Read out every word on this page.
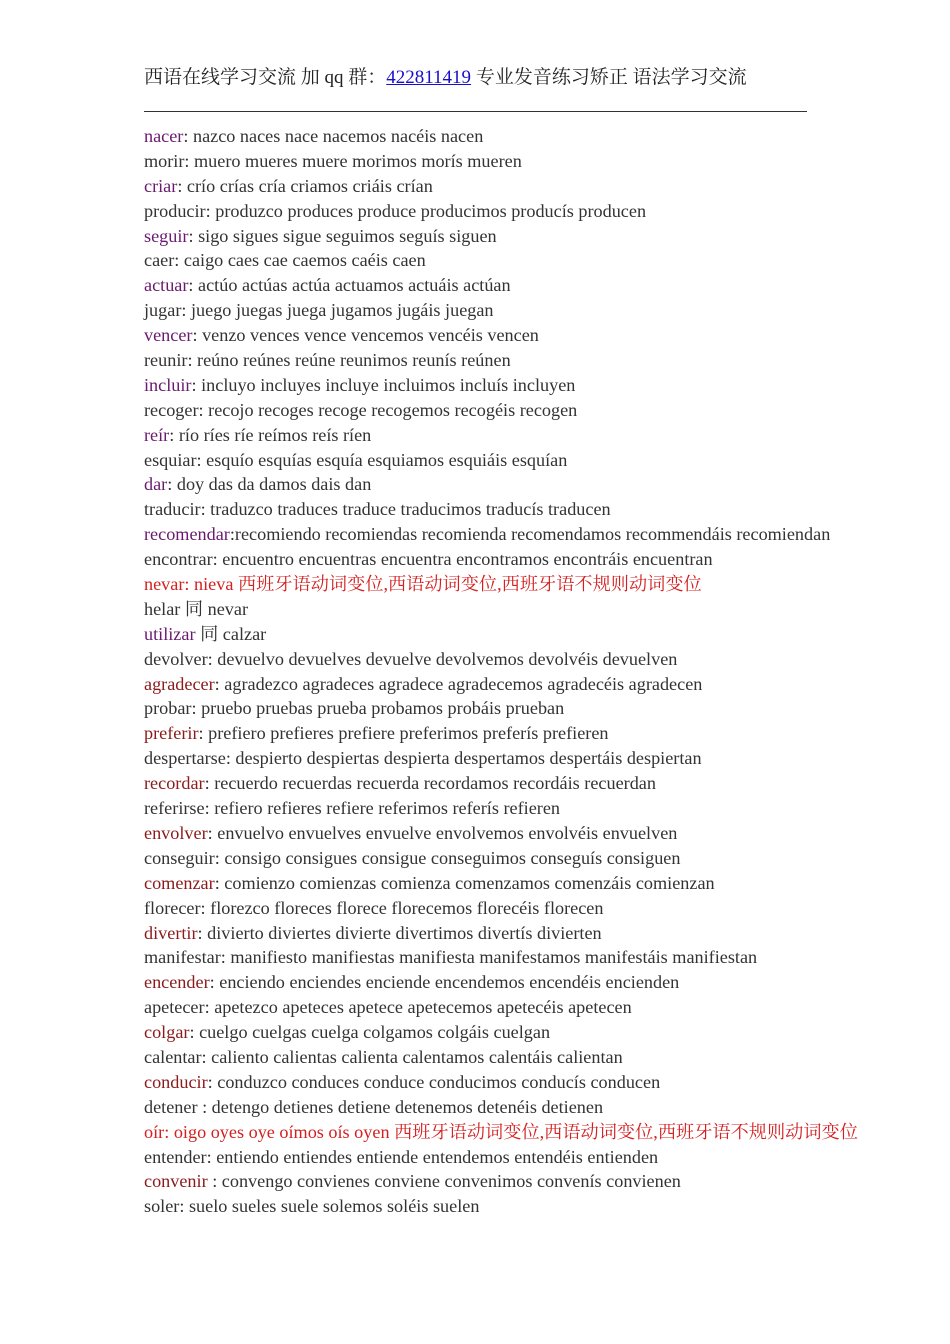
西语在线学习交流 加 qq 群：422811419 专业发音练习矫正 语法学习交流
nacer: nazco naces nace nacemos nacéis nacen
morir: muero mueres muere morimos morís mueren
criar: crío crías cría criamos criáis crían
producir: produzco produces produce producimos producís producen
seguir: sigo sigues sigue seguimos seguís siguen
caer: caigo caes cae caemos caéis caen
actuar: actúo actúas actúa actuamos actuáis actúan
jugar: juego juegas juega jugamos jugáis juegan
vencer: venzo vences vence vencemos vencéis vencen
reunir: reúno reúnes reúne reunimos reunís reúnen
incluir: incluyo incluyes incluye incluimos incluís incluyen
recoger: recojo recoges recoge recogemos recogéis recogen
reír: río ríes ríe reímos reís ríen
esquiar: esquío esquías esquía esquiamos esquiáis esquían
dar: doy das da damos dais dan
traducir: traduzco traduces traduce traducimos traducís traducen
recomendar:recomiendo recomiendas recomienda recomendamos recommendáis recomiendan
encontrar: encuentro encuentras encuentra encontramos encontráis encuentran
nevar: nieva 西班牙语动词变位,西语动词变位,西班牙语不规则动词变位
helar 同 nevar
utilizar 同 calzar
devolver: devuelvo devuelves devuelve devolvemos devolvéis devuelven
agradecer: agradezco agradeces agradece agradecemos agradecéis agradecen
probar: pruebo pruebas prueba probamos probáis prueban
preferir: prefiero prefieres prefiere preferimos preferís prefieren
despertarse: despierto despiertas despierta despertamos despertáis despiertan
recordar: recuerdo recuerdas recuerda recordamos recordáis recuerdan
referirse: refiero refieres refiere referimos referís refieren
envolver: envuelvo envuelves envuelve envolvemos envolvéis envuelven
conseguir: consigo consigues consigue conseguimos conseguís consiguen
comenzar: comienzo comienzas comienza comenzamos comenzáis comienzan
florecer: florezco floreces florece florecemos florecéis florecen
divertir: divierto diviertes divierte divertimos divertís divierten
manifestar: manifiesto manifiestas manifiesta manifestamos manifestáis manifiestan
encender: enciendo enciendes enciende encendemos encendéis encienden
apetecer: apetezco apeteces apetece apetecemos apetecéis apetecen
colgar: cuelgo cuelgas cuelga colgamos colgáis cuelgan
calentar: caliento calientas calienta calentamos calentáis calientan
conducir: conduzco conduces conduce conducimos conducís conducen
detener : detengo detienes detiene detenemos detenéis detienen
oír: oigo oyes oye oímos oís oyen 西班牙语动词变位,西语动词变位,西班牙语不规则动词变位
entender: entiendo entiendes entiende entendemos entendéis entienden
convenir : convengo convienes conviene convenimos convenís convienen
soler: suelo sueles suele solemos soléis suelen
